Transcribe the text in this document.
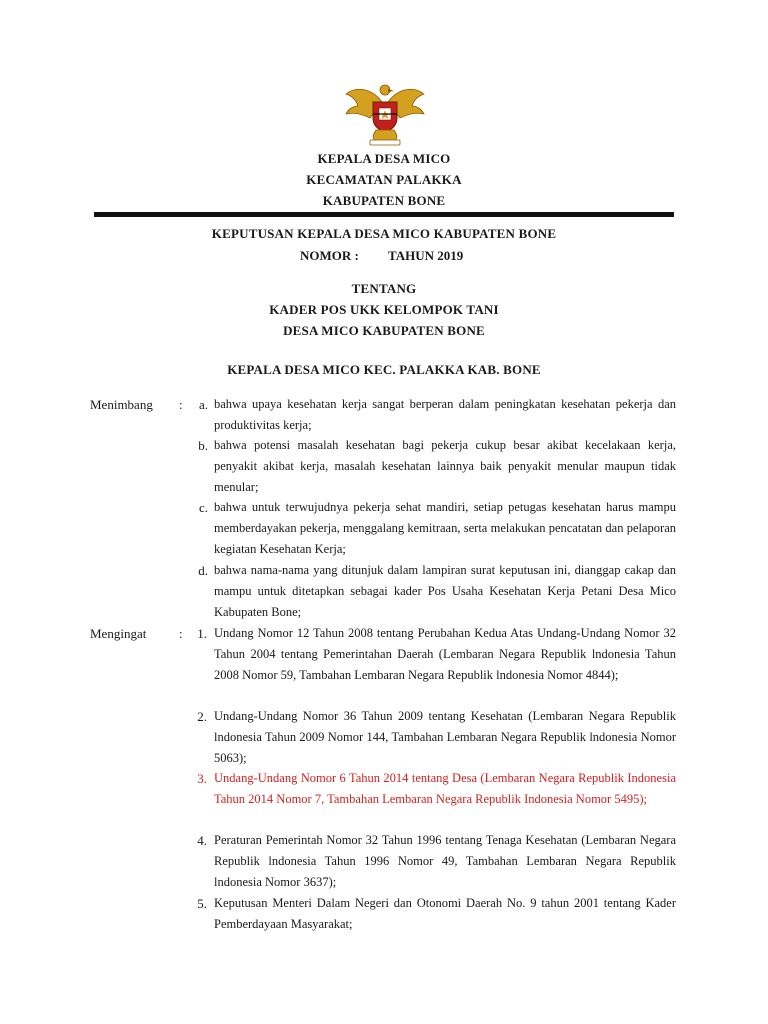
KEPALA DESA MICO
KECAMATAN PALAKKA
KABUPATEN BONE
KEPUTUSAN KEPALA DESA MICO KABUPATEN BONE
NOMOR : TAHUN 2019
TENTANG
KADER POS UKK KELOMPOK TANI
DESA MICO KABUPATEN BONE
KEPALA DESA MICO KEC. PALAKKA KAB. BONE
Menimbang :	a. bahwa upaya kesehatan kerja sangat berperan dalam peningkatan kesehatan pekerja dan produktivitas kerja;
b. bahwa potensi masalah kesehatan bagi pekerja cukup besar akibat kecelakaan kerja, penyakit akibat kerja, masalah kesehatan lainnya baik penyakit menular maupun tidak menular;
c. bahwa untuk terwujudnya pekerja sehat mandiri, setiap petugas kesehatan harus mampu memberdayakan pekerja, menggalang kemitraan, serta melakukan pencatatan dan pelaporan kegiatan Kesehatan Kerja;
d. bahwa nama-nama yang ditunjuk dalam lampiran surat keputusan ini, dianggap cakap dan mampu untuk ditetapkan sebagai kader Pos Usaha Kesehatan Kerja Petani Desa Mico Kabupaten Bone;
Mengingat	:	1. Undang Nomor 12 Tahun 2008 tentang Perubahan Kedua Atas Undang-Undang Nomor 32 Tahun 2004 tentang Pemerintahan Daerah (Lembaran Negara Republik lndonesia Tahun 2008 Nomor 59, Tambahan Lembaran Negara Republik lndonesia Nomor 4844);
2. Undang-Undang Nomor 36 Tahun 2009 tentang Kesehatan (Lembaran Negara Republik lndonesia Tahun 2009 Nomor 144, Tambahan Lembaran Negara Republik lndonesia Nomor 5063);
3. Undang-Undang Nomor 6 Tahun 2014 tentang Desa (Lembaran Negara Republik Indonesia Tahun 2014 Nomor 7, Tambahan Lembaran Negara Republik Indonesia Nomor 5495);
4. Peraturan Pemerintah Nomor 32 Tahun 1996 tentang Tenaga Kesehatan (Lembaran Negara Republik lndonesia Tahun 1996 Nomor 49, Tambahan Lembaran Negara Republik lndonesia Nomor 3637);
5. Keputusan Menteri Dalam Negeri dan Otonomi Daerah No. 9 tahun 2001 tentang Kader Pemberdayaan Masyarakat;
